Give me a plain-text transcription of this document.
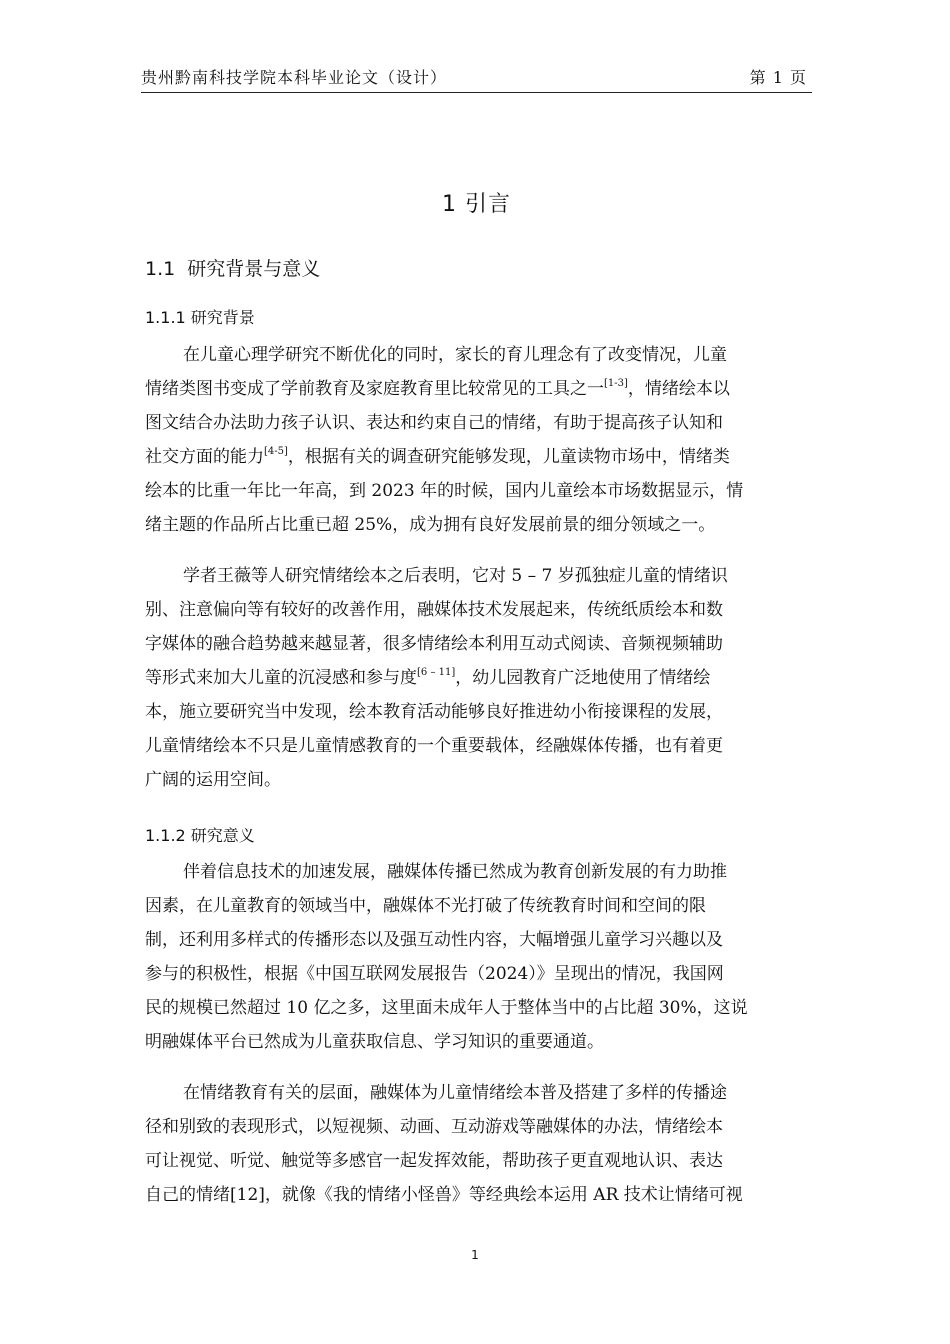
贵州黔南科技学院本科毕业论文（设计）	第 1 页
1 引言
1.1  研究背景与意义
1.1.1 研究背景
在儿童心理学研究不断优化的同时，家长的育儿理念有了改变情况，儿童
情绪类图书变成了学前教育及家庭教育里比较常见的工具之一[1-3]，情绪绘本以
图文结合办法助力孩子认识、表达和约束自己的情绪，有助于提高孩子认知和
社交方面的能力[4-5]，根据有关的调查研究能够发现，儿童读物市场中，情绪类
绘本的比重一年比一年高，到 2023 年的时候，国内儿童绘本市场数据显示，情
绪主题的作品所占比重已超 25%，成为拥有良好发展前景的细分领域之一。
学者王薇等人研究情绪绘本之后表明，它对 5 – 7 岁孤独症儿童的情绪识
别、注意偏向等有较好的改善作用，融媒体技术发展起来，传统纸质绘本和数
字媒体的融合趋势越来越显著，很多情绪绘本利用互动式阅读、音频视频辅助
等形式来加大儿童的沉浸感和参与度[6 – 11]，幼儿园教育广泛地使用了情绪绘
本，施立要研究当中发现，绘本教育活动能够良好推进幼小衔接课程的发展，
儿童情绪绘本不只是儿童情感教育的一个重要载体，经融媒体传播，也有着更
广阔的运用空间。
1.1.2 研究意义
伴着信息技术的加速发展，融媒体传播已然成为教育创新发展的有力助推
因素，在儿童教育的领域当中，融媒体不光打破了传统教育时间和空间的限
制，还利用多样式的传播形态以及强互动性内容，大幅增强儿童学习兴趣以及
参与的积极性，根据《中国互联网发展报告（2024）》呈现出的情况，我国网
民的规模已然超过 10 亿之多，这里面未成年人于整体当中的占比超 30%，这说
明融媒体平台已然成为儿童获取信息、学习知识的重要通道。
在情绪教育有关的层面，融媒体为儿童情绪绘本普及搭建了多样的传播途
径和别致的表现形式，以短视频、动画、互动游戏等融媒体的办法，情绪绘本
可让视觉、听觉、触觉等多感官一起发挥效能，帮助孩子更直观地认识、表达
自己的情绪[12]，就像《我的情绪小怪兽》等经典绘本运用 AR 技术让情绪可视
1
